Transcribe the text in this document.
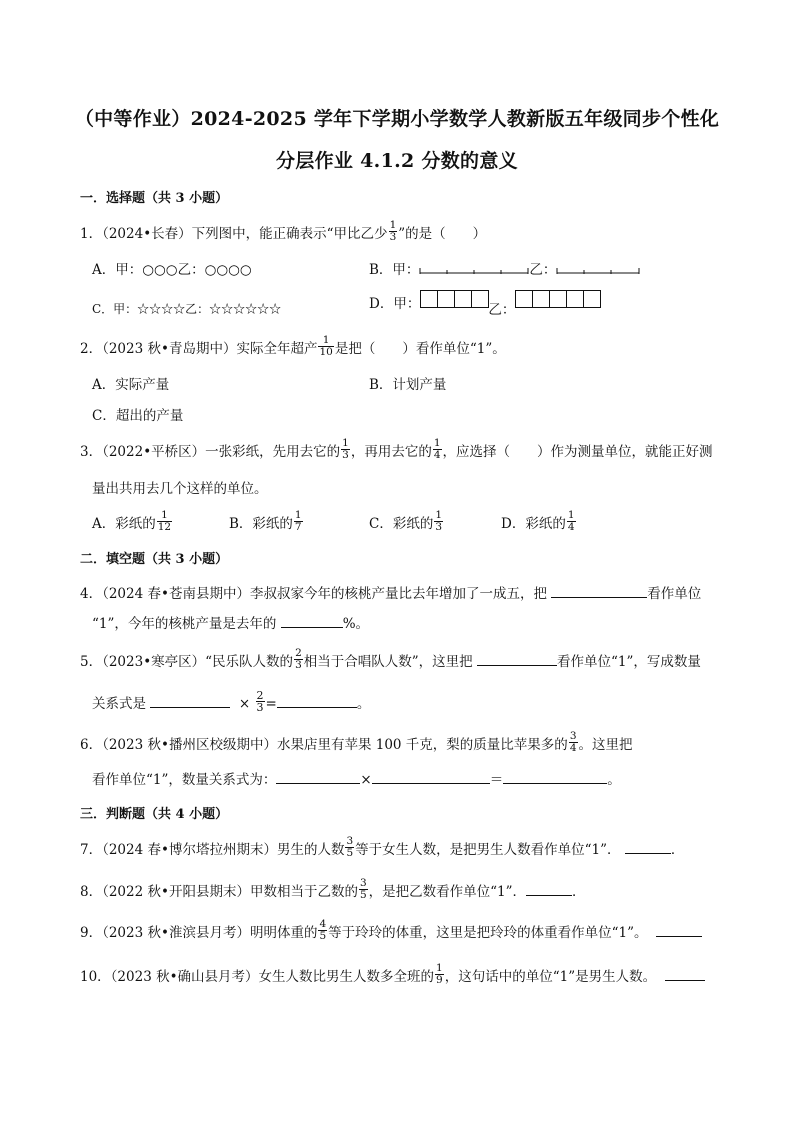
（中等作业）2024-2025 学年下学期小学数学人教新版五年级同步个性化
分层作业 4.1.2 分数的意义
一．选择题（共 3 小题）
1．（2024•长春）下列图中，能正确表示“甲比乙少 $\frac{1}{3}$ ”的是（　　）
A．甲：○○○乙：○○○○	B．甲：	乙：
C．甲：☆☆☆☆乙：☆☆☆☆☆☆	D．甲：	乙：
2．（2023 秋•青岛期中）实际全年超产 $\frac{1}{10}$ 是把（　　）看作单位“1”。
A．实际产量	B．计划产量
C．超出的产量
3．（2022•平桥区）一张彩纸，先用去它的 $\frac{1}{3}$ ，再用去它的 $\frac{1}{4}$ ，应选择（　　）作为测量单位，就能正好测
量出共用去几个这样的单位。
A．彩纸的 $\frac{1}{12}$	B．彩纸的 $\frac{1}{7}$	C．彩纸的 $\frac{1}{3}$	D．彩纸的 $\frac{1}{4}$
二．填空题（共 3 小题）
4．（2024 春•苍南县期中）李叔叔家今年的核桃产量比去年增加了一成五，把	看作单位
“1”，今年的核桃产量是去年的	%。
5．（2023•寒亭区）“民乐队人数的 $\frac{2}{3}$ 相当于合唱队人数”，这里把	看作单位“1”，写成数量
关系式是	× $\frac{2}{3}$ =	。
6．（2023 秋•播州区校级期中）水果店里有苹果 100 千克，梨的质量比苹果多的 $\frac{3}{4}$ 。这里把
看作单位“1”，数量关系式为：	×	＝	。
三．判断题（共 4 小题）
7．（2024 春•博尔塔拉州期末）男生的人数 $\frac{3}{5}$ 等于女生人数，是把男生人数看作单位“1”．	．
8．（2022 秋•开阳县期末）甲数相当于乙数的 $\frac{3}{5}$ ，是把乙数看作单位“1”．	．
9．（2023 秋•淮滨县月考）明明体重的 $\frac{4}{5}$ 等于玲玲的体重，这里是把玲玲的体重看作单位“1”。
10．（2023 秋•确山县月考）女生人数比男生人数多全班的 $\frac{1}{9}$ ，这句话中的单位“1”是男生人数。
